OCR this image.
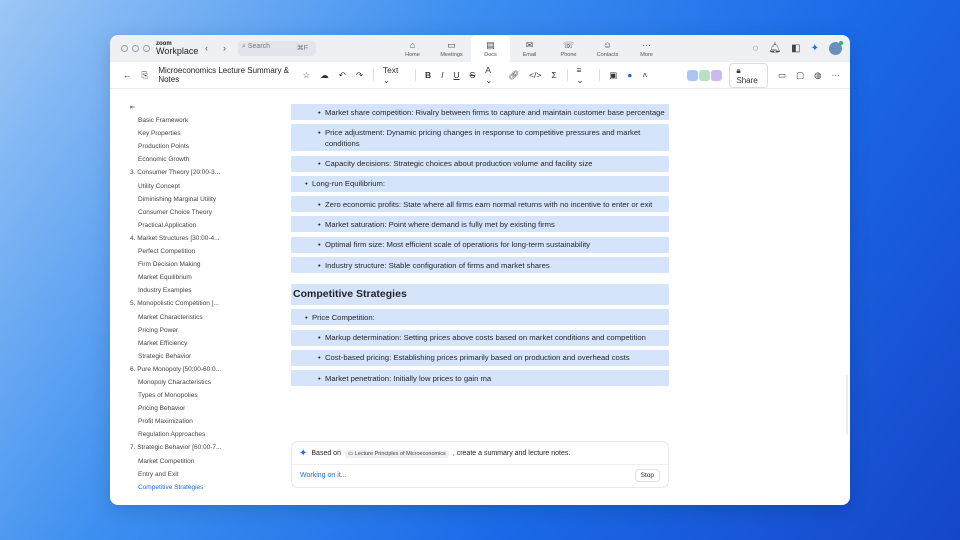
zoom
Workplace ‹ ›	⌕ Search	⌘F	⌂
Home
▭
Meetings
▤
Docs
✉
Email
☏
Phone
☺
Contacts
···
More
◌ 🔔︎ ◧ ✦
← ⎘ Microeconomics Lecture Summary & Notes	☆ ☁ ↶ ↷ Text ⌄	B I U S
A ⌄	🔗︎ </> Σ
≡ ⌄	▣ ● ˄	🔒︎ Share
▭ ▢ ◍ ···
⇤
Basic Framework
Key Properties
Production Points
Economic Growth
3. Consumer Theory [20:00-3...
Utility Concept
Diminishing Marginal Utility
Consumer Choice Theory
Practical Application
4. Market Structures [30:00-4...
Perfect Competition
Firm Decision Making
Market Equilibrium
Industry Examples
5. Monopolistic Competition [...
Market Characteristics
Pricing Power
Market Efficiency
Strategic Behavior
6. Pure Monopoly [50:00-60:0...
Monopoly Characteristics
Types of Monopolies
Pricing Behavior
Profit Maximization
Regulation Approaches
7. Strategic Behavior [60:00-7...
Market Competition
Entry and Exit
Competitive Strategies
•  Market share competition: Rivalry between firms to capture and maintain customer base percentage
•  Price adjustment: Dynamic pricing changes in response to competitive pressures and market conditions
•  Capacity decisions: Strategic choices about production volume and facility size
•  Long-run Equilibrium:
•  Zero economic profits: State where all firms earn normal returns with no incentive to enter or exit
•  Market saturation: Point where demand is fully met by existing firms
•  Optimal firm size: Most efficient scale of operations for long-term sustainability
•  Industry structure: Stable configuration of firms and market shares
Competitive Strategies
•  Price Competition:
•  Markup determination: Setting prices above costs based on market conditions and competition
•  Cost-based pricing: Establishing prices primarily based on production and overhead costs
•  Market penetration: Initially low prices to gain ma
✦ Based on	▭ Lecture Principles of Microeconomics	, create a summary and lecture notes.
Working on it...	Stop
